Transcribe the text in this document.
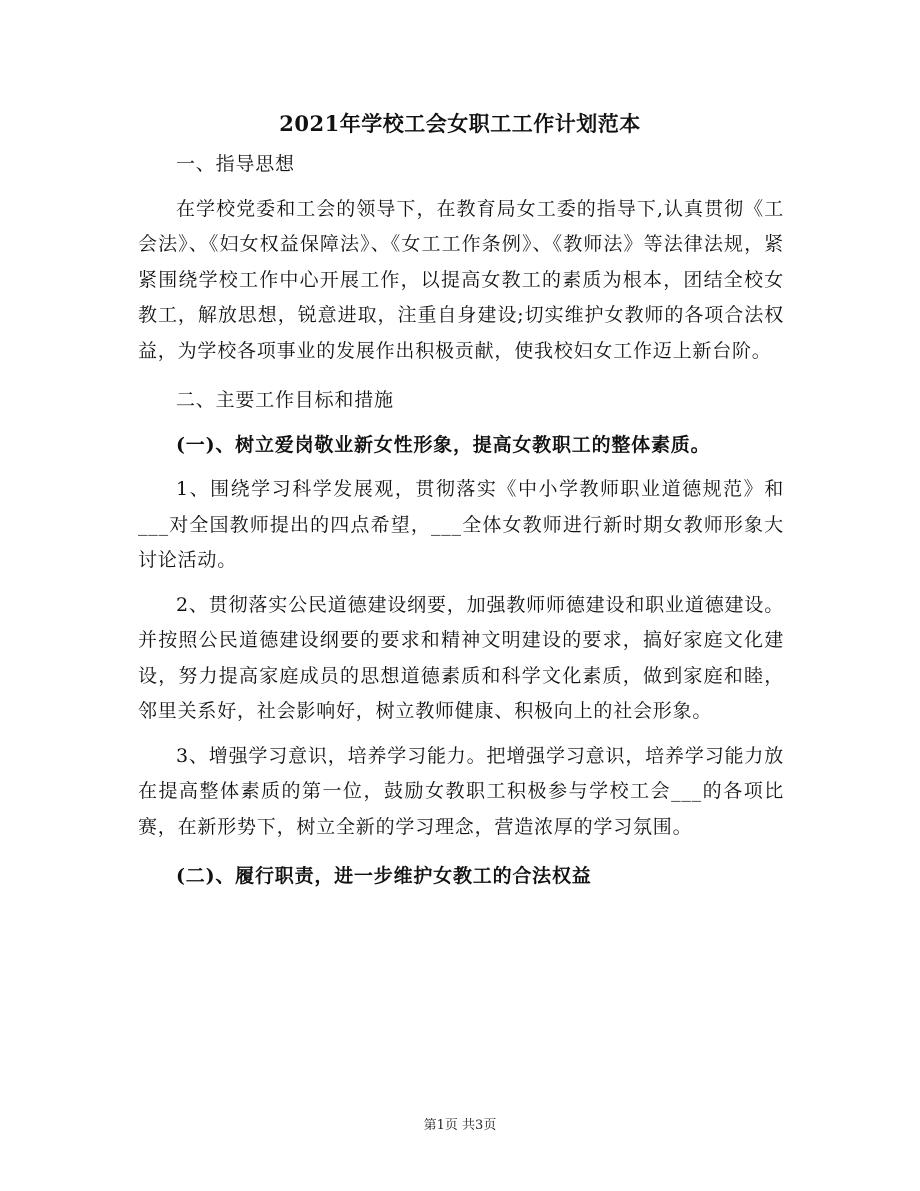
2021年学校工会女职工工作计划范本

一、指导思想

在学校党委和工会的领导下，在教育局女工委的指导下,认真贯彻《工会法》、《妇女权益保障法》、《女工工作条例》、《教师法》等法律法规，紧紧围绕学校工作中心开展工作，以提高女教工的素质为根本，团结全校女教工，解放思想，锐意进取，注重自身建设;切实维护女教师的各项合法权益，为学校各项事业的发展作出积极贡献，使我校妇女工作迈上新台阶。

二、主要工作目标和措施

(一)、树立爱岗敬业新女性形象，提高女教职工的整体素质。

1、围绕学习科学发展观，贯彻落实《中小学教师职业道德规范》和___对全国教师提出的四点希望，___全体女教师进行新时期女教师形象大讨论活动。

2、贯彻落实公民道德建设纲要，加强教师师德建设和职业道德建设。并按照公民道德建设纲要的要求和精神文明建设的要求，搞好家庭文化建设，努力提高家庭成员的思想道德素质和科学文化素质，做到家庭和睦，邻里关系好，社会影响好，树立教师健康、积极向上的社会形象。

3、增强学习意识，培养学习能力。把增强学习意识，培养学习能力放在提高整体素质的第一位，鼓励女教职工积极参与学校工会___的各项比赛，在新形势下，树立全新的学习理念，营造浓厚的学习氛围。

(二)、履行职责，进一步维护女教工的合法权益

第1页 共3页
